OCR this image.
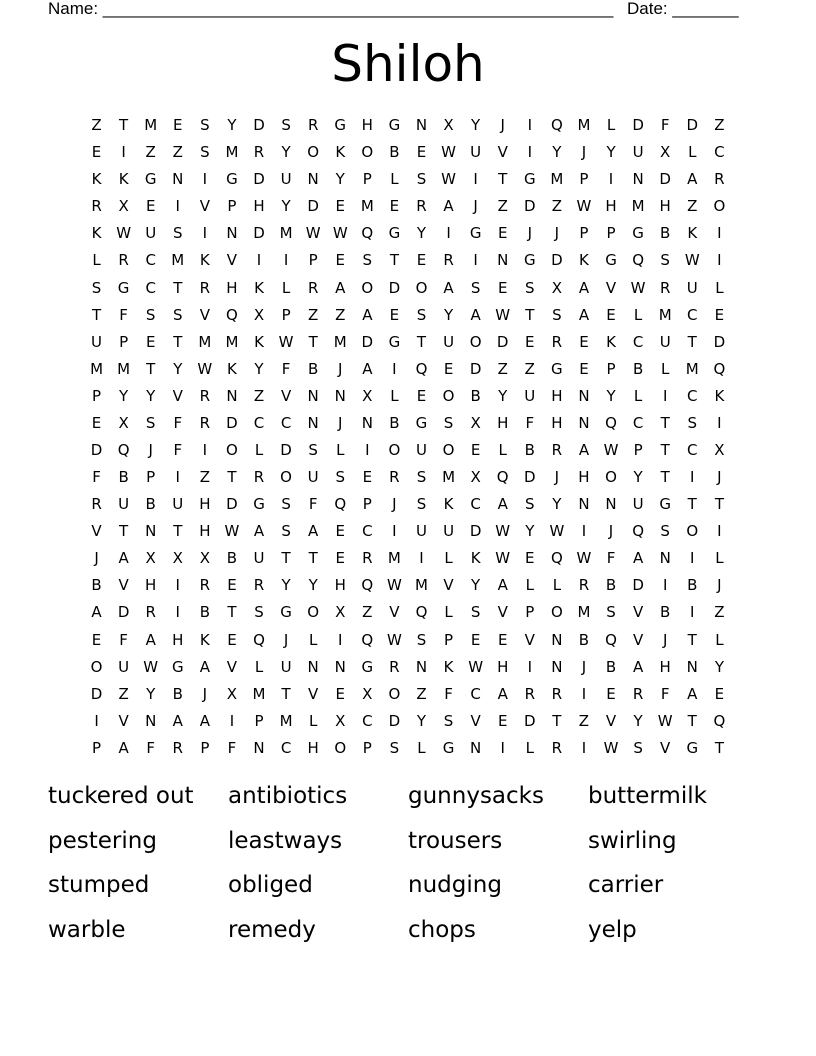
Name: ______________________________________________________ Date: _______
Shiloh
Z	T	M	E	S	Y	D	S	R	G	H	G	N	X	Y	J	I	Q	M	L	D	F	D	Z
E	I	Z	Z	S	M	R	Y	O	K	O	B	E	W	U	V	I	Y	J	Y	U	X	L	C
K	K	G	N	I	G	D	U	N	Y	P	L	S	W	I	T	G	M	P	I	N	D	A	R
R	X	E	I	V	P	H	Y	D	E	M	E	R	A	J	Z	D	Z	W	H	M	H	Z	O
K	W	U	S	I	N	D	M	W	W	Q	G	Y	I	G	E	J	J	P	P	G	B	K	I
L	R	C	M	K	V	I	I	P	E	S	T	E	R	I	N	G	D	K	G	Q	S	W	I
S	G	C	T	R	H	K	L	R	A	O	D	O	A	S	E	S	X	A	V	W	R	U	L
T	F	S	S	V	Q	X	P	Z	Z	A	E	S	Y	A	W	T	S	A	E	L	M	C	E
U	P	E	T	M	M	K	W	T	M	D	G	T	U	O	D	E	R	E	K	C	U	T	D
M	M	T	Y	W	K	Y	F	B	J	A	I	Q	E	D	Z	Z	G	E	P	B	L	M	Q
P	Y	Y	V	R	N	Z	V	N	N	X	L	E	O	B	Y	U	H	N	Y	L	I	C	K
E	X	S	F	R	D	C	C	N	J	N	B	G	S	X	H	F	H	N	Q	C	T	S	I
D	Q	J	F	I	O	L	D	S	L	I	O	U	O	E	L	B	R	A	W	P	T	C	X
F	B	P	I	Z	T	R	O	U	S	E	R	S	M	X	Q	D	J	H	O	Y	T	I	J
R	U	B	U	H	D	G	S	F	Q	P	J	S	K	C	A	S	Y	N	N	U	G	T	T
V	T	N	T	H	W	A	S	A	E	C	I	U	U	D	W	Y	W	I	J	Q	S	O	I
J	A	X	X	X	B	U	T	T	E	R	M	I	L	K	W	E	Q	W	F	A	N	I	L
B	V	H	I	R	E	R	Y	Y	H	Q	W	M	V	Y	A	L	L	R	B	D	I	B	J
A	D	R	I	B	T	S	G	O	X	Z	V	Q	L	S	V	P	O	M	S	V	B	I	Z
E	F	A	H	K	E	Q	J	L	I	Q	W	S	P	E	E	V	N	B	Q	V	J	T	L
O	U	W	G	A	V	L	U	N	N	G	R	N	K	W	H	I	N	J	B	A	H	N	Y
D	Z	Y	B	J	X	M	T	V	E	X	O	Z	F	C	A	R	R	I	E	R	F	A	E
I	V	N	A	A	I	P	M	L	X	C	D	Y	S	V	E	D	T	Z	V	Y	W	T	Q
P	A	F	R	P	F	N	C	H	O	P	S	L	G	N	I	L	R	I	W	S	V	G	T
tuckered out	antibiotics	gunnysacks	buttermilk
pestering	leastways	trousers	swirling
stumped	obliged	nudging	carrier
warble	remedy	chops	yelp
